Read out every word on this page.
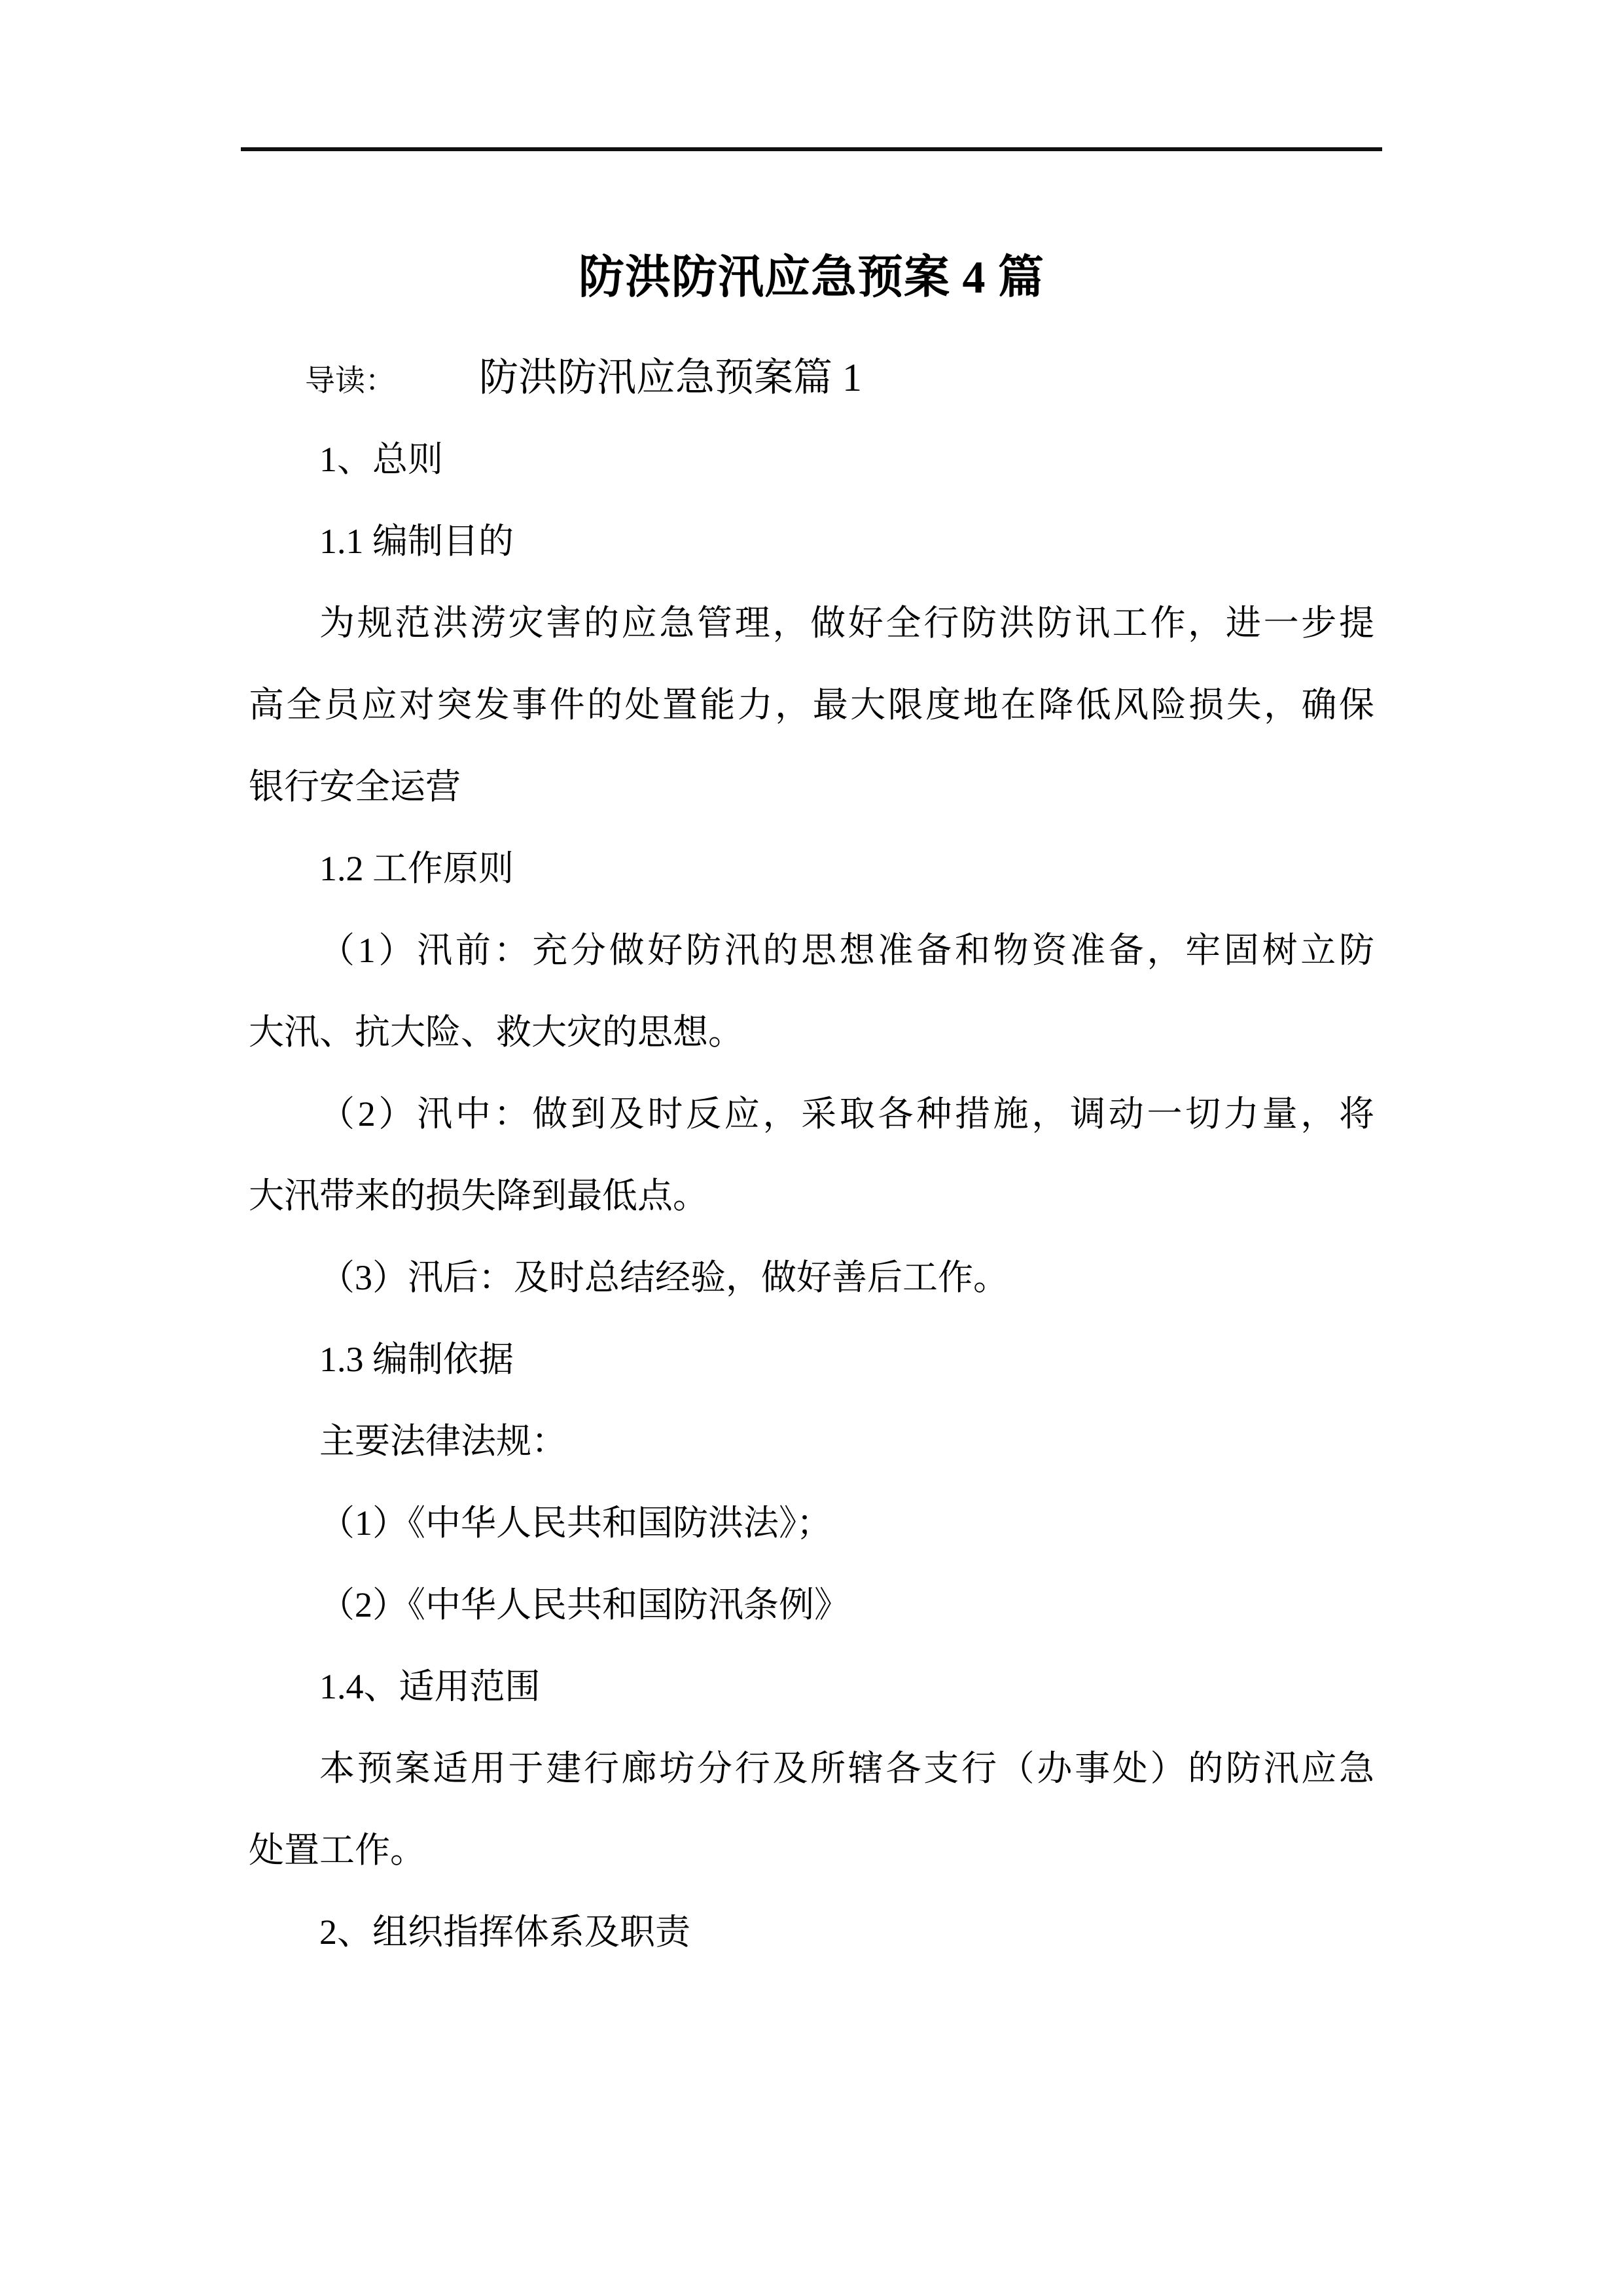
防洪防汛应急预案 4 篇
导读： 防洪防汛应急预案篇 1
1、总则
1.1 编制目的
为规范洪涝灾害的应急管理，做好全行防洪防讯工作，进一步提
高全员应对突发事件的处置能力，最大限度地在降低风险损失，确保
银行安全运营
1.2 工作原则
（1）汛前：充分做好防汛的思想准备和物资准备，牢固树立防
大汛、抗大险、救大灾的思想。
（2）汛中：做到及时反应，采取各种措施，调动一切力量，将
大汛带来的损失降到最低点。
（3）汛后：及时总结经验，做好善后工作。
1.3 编制依据
主要法律法规：
（1）《中华人民共和国防洪法》；
（2）《中华人民共和国防汛条例》
1.4、适用范围
本预案适用于建行廊坊分行及所辖各支行（办事处）的防汛应急
处置工作。
2、组织指挥体系及职责
